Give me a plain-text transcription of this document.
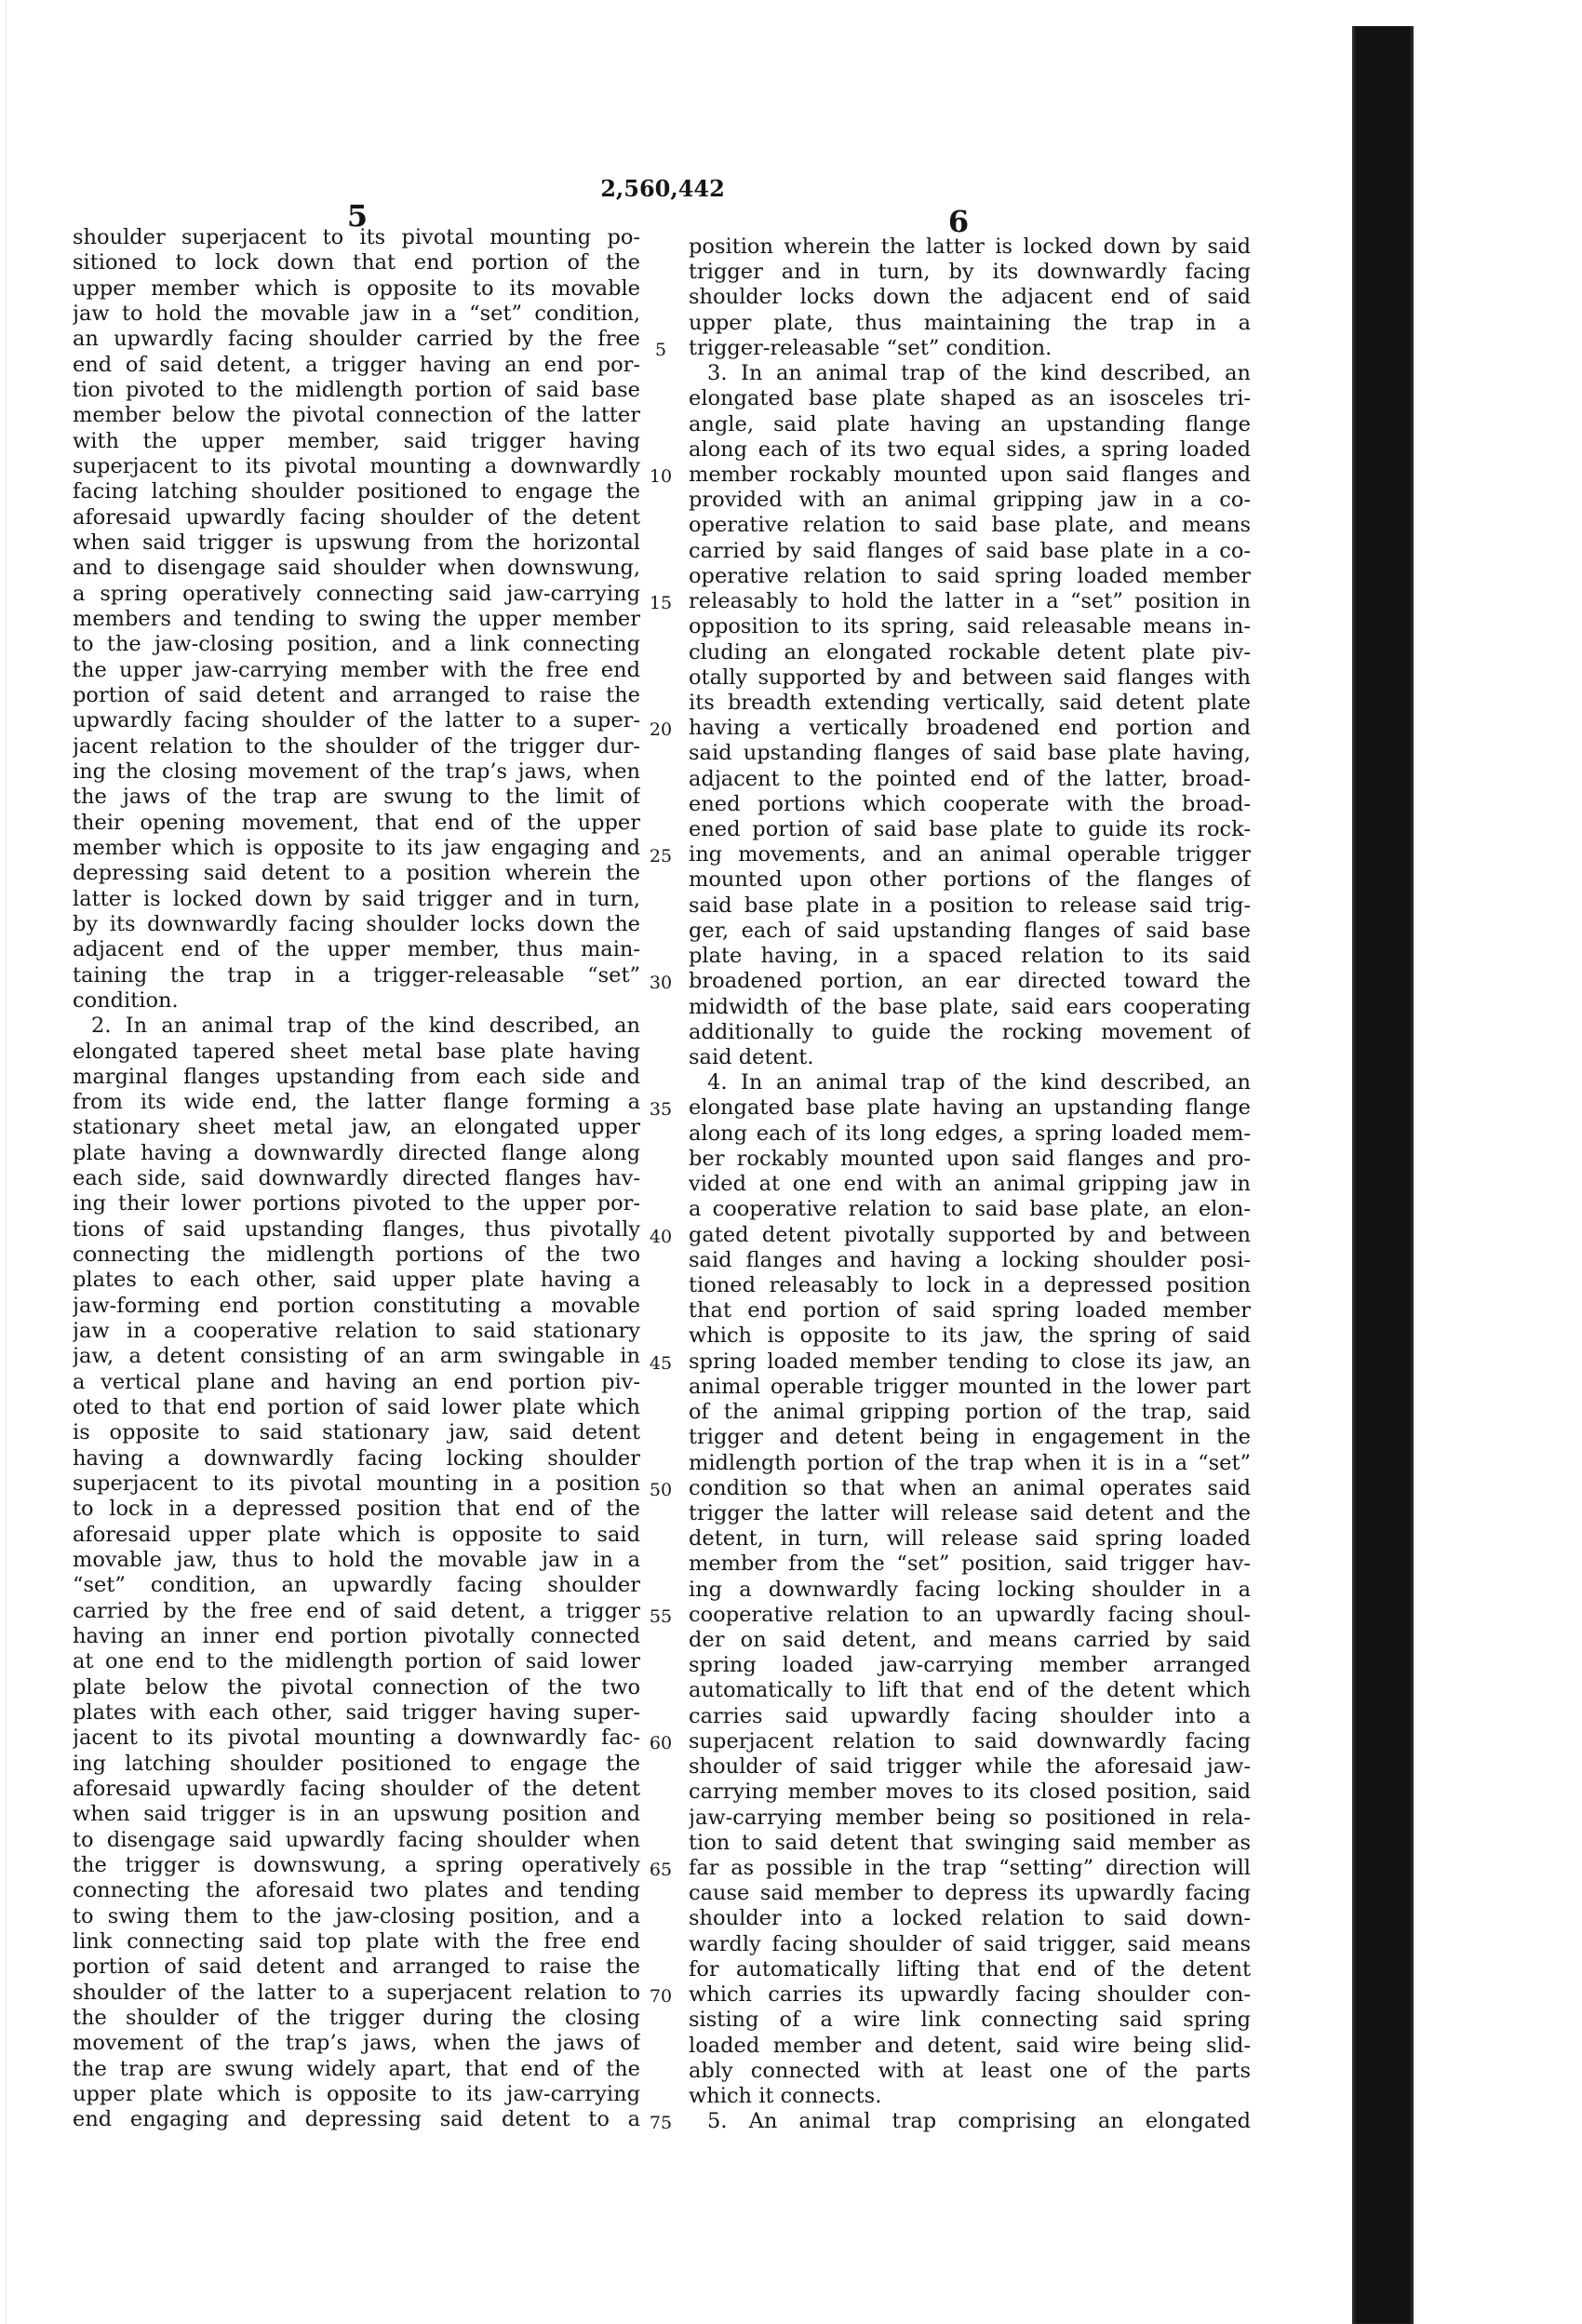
2,560,442
5	6
shoulder superjacent to its pivotal mounting po-
sitioned to lock down that end portion of the
upper member which is opposite to its movable
jaw to hold the movable jaw in a “set” condition,
an upwardly facing shoulder carried by the free
end of said detent, a trigger having an end por-
tion pivoted to the midlength portion of said base
member below the pivotal connection of the latter
with the upper member, said trigger having
superjacent to its pivotal mounting a downwardly
facing latching shoulder positioned to engage the
aforesaid upwardly facing shoulder of the detent
when said trigger is upswung from the horizontal
and to disengage said shoulder when downswung,
a spring operatively connecting said jaw-carrying
members and tending to swing the upper member
to the jaw-closing position, and a link connecting
the upper jaw-carrying member with the free end
portion of said detent and arranged to raise the
upwardly facing shoulder of the latter to a super-
jacent relation to the shoulder of the trigger dur-
ing the closing movement of the trap’s jaws, when
the jaws of the trap are swung to the limit of
their opening movement, that end of the upper
member which is opposite to its jaw engaging and
depressing said detent to a position wherein the
latter is locked down by said trigger and in turn,
by its downwardly facing shoulder locks down the
adjacent end of the upper member, thus main-
taining the trap in a trigger-releasable “set”
condition.
2. In an animal trap of the kind described, an
elongated tapered sheet metal base plate having
marginal flanges upstanding from each side and
from its wide end, the latter flange forming a
stationary sheet metal jaw, an elongated upper
plate having a downwardly directed flange along
each side, said downwardly directed flanges hav-
ing their lower portions pivoted to the upper por-
tions of said upstanding flanges, thus pivotally
connecting the midlength portions of the two
plates to each other, said upper plate having a
jaw-forming end portion constituting a movable
jaw in a cooperative relation to said stationary
jaw, a detent consisting of an arm swingable in
a vertical plane and having an end portion piv-
oted to that end portion of said lower plate which
is opposite to said stationary jaw, said detent
having a downwardly facing locking shoulder
superjacent to its pivotal mounting in a position
to lock in a depressed position that end of the
aforesaid upper plate which is opposite to said
movable jaw, thus to hold the movable jaw in a
“set” condition, an upwardly facing shoulder
carried by the free end of said detent, a trigger
having an inner end portion pivotally connected
at one end to the midlength portion of said lower
plate below the pivotal connection of the two
plates with each other, said trigger having super-
jacent to its pivotal mounting a downwardly fac-
ing latching shoulder positioned to engage the
aforesaid upwardly facing shoulder of the detent
when said trigger is in an upswung position and
to disengage said upwardly facing shoulder when
the trigger is downswung, a spring operatively
connecting the aforesaid two plates and tending
to swing them to the jaw-closing position, and a
link connecting said top plate with the free end
portion of said detent and arranged to raise the
shoulder of the latter to a superjacent relation to
the shoulder of the trigger during the closing
movement of the trap’s jaws, when the jaws of
the trap are swung widely apart, that end of the
upper plate which is opposite to its jaw-carrying
end engaging and depressing said detent to a
5
10
15
20
25
30
35
40
45
50
55
60
65
70
75
position wherein the latter is locked down by said
trigger and in turn, by its downwardly facing
shoulder locks down the adjacent end of said
upper plate, thus maintaining the trap in a
trigger-releasable “set” condition.
3. In an animal trap of the kind described, an
elongated base plate shaped as an isosceles tri-
angle, said plate having an upstanding flange
along each of its two equal sides, a spring loaded
member rockably mounted upon said flanges and
provided with an animal gripping jaw in a co-
operative relation to said base plate, and means
carried by said flanges of said base plate in a co-
operative relation to said spring loaded member
releasably to hold the latter in a “set” position in
opposition to its spring, said releasable means in-
cluding an elongated rockable detent plate piv-
otally supported by and between said flanges with
its breadth extending vertically, said detent plate
having a vertically broadened end portion and
said upstanding flanges of said base plate having,
adjacent to the pointed end of the latter, broad-
ened portions which cooperate with the broad-
ened portion of said base plate to guide its rock-
ing movements, and an animal operable trigger
mounted upon other portions of the flanges of
said base plate in a position to release said trig-
ger, each of said upstanding flanges of said base
plate having, in a spaced relation to its said
broadened portion, an ear directed toward the
midwidth of the base plate, said ears cooperating
additionally to guide the rocking movement of
said detent.
4. In an animal trap of the kind described, an
elongated base plate having an upstanding flange
along each of its long edges, a spring loaded mem-
ber rockably mounted upon said flanges and pro-
vided at one end with an animal gripping jaw in
a cooperative relation to said base plate, an elon-
gated detent pivotally supported by and between
said flanges and having a locking shoulder posi-
tioned releasably to lock in a depressed position
that end portion of said spring loaded member
which is opposite to its jaw, the spring of said
spring loaded member tending to close its jaw, an
animal operable trigger mounted in the lower part
of the animal gripping portion of the trap, said
trigger and detent being in engagement in the
midlength portion of the trap when it is in a “set”
condition so that when an animal operates said
trigger the latter will release said detent and the
detent, in turn, will release said spring loaded
member from the “set” position, said trigger hav-
ing a downwardly facing locking shoulder in a
cooperative relation to an upwardly facing shoul-
der on said detent, and means carried by said
spring loaded jaw-carrying member arranged
automatically to lift that end of the detent which
carries said upwardly facing shoulder into a
superjacent relation to said downwardly facing
shoulder of said trigger while the aforesaid jaw-
carrying member moves to its closed position, said
jaw-carrying member being so positioned in rela-
tion to said detent that swinging said member as
far as possible in the trap “setting” direction will
cause said member to depress its upwardly facing
shoulder into a locked relation to said down-
wardly facing shoulder of said trigger, said means
for automatically lifting that end of the detent
which carries its upwardly facing shoulder con-
sisting of a wire link connecting said spring
loaded member and detent, said wire being slid-
ably connected with at least one of the parts
which it connects.
5. An animal trap comprising an elongated
